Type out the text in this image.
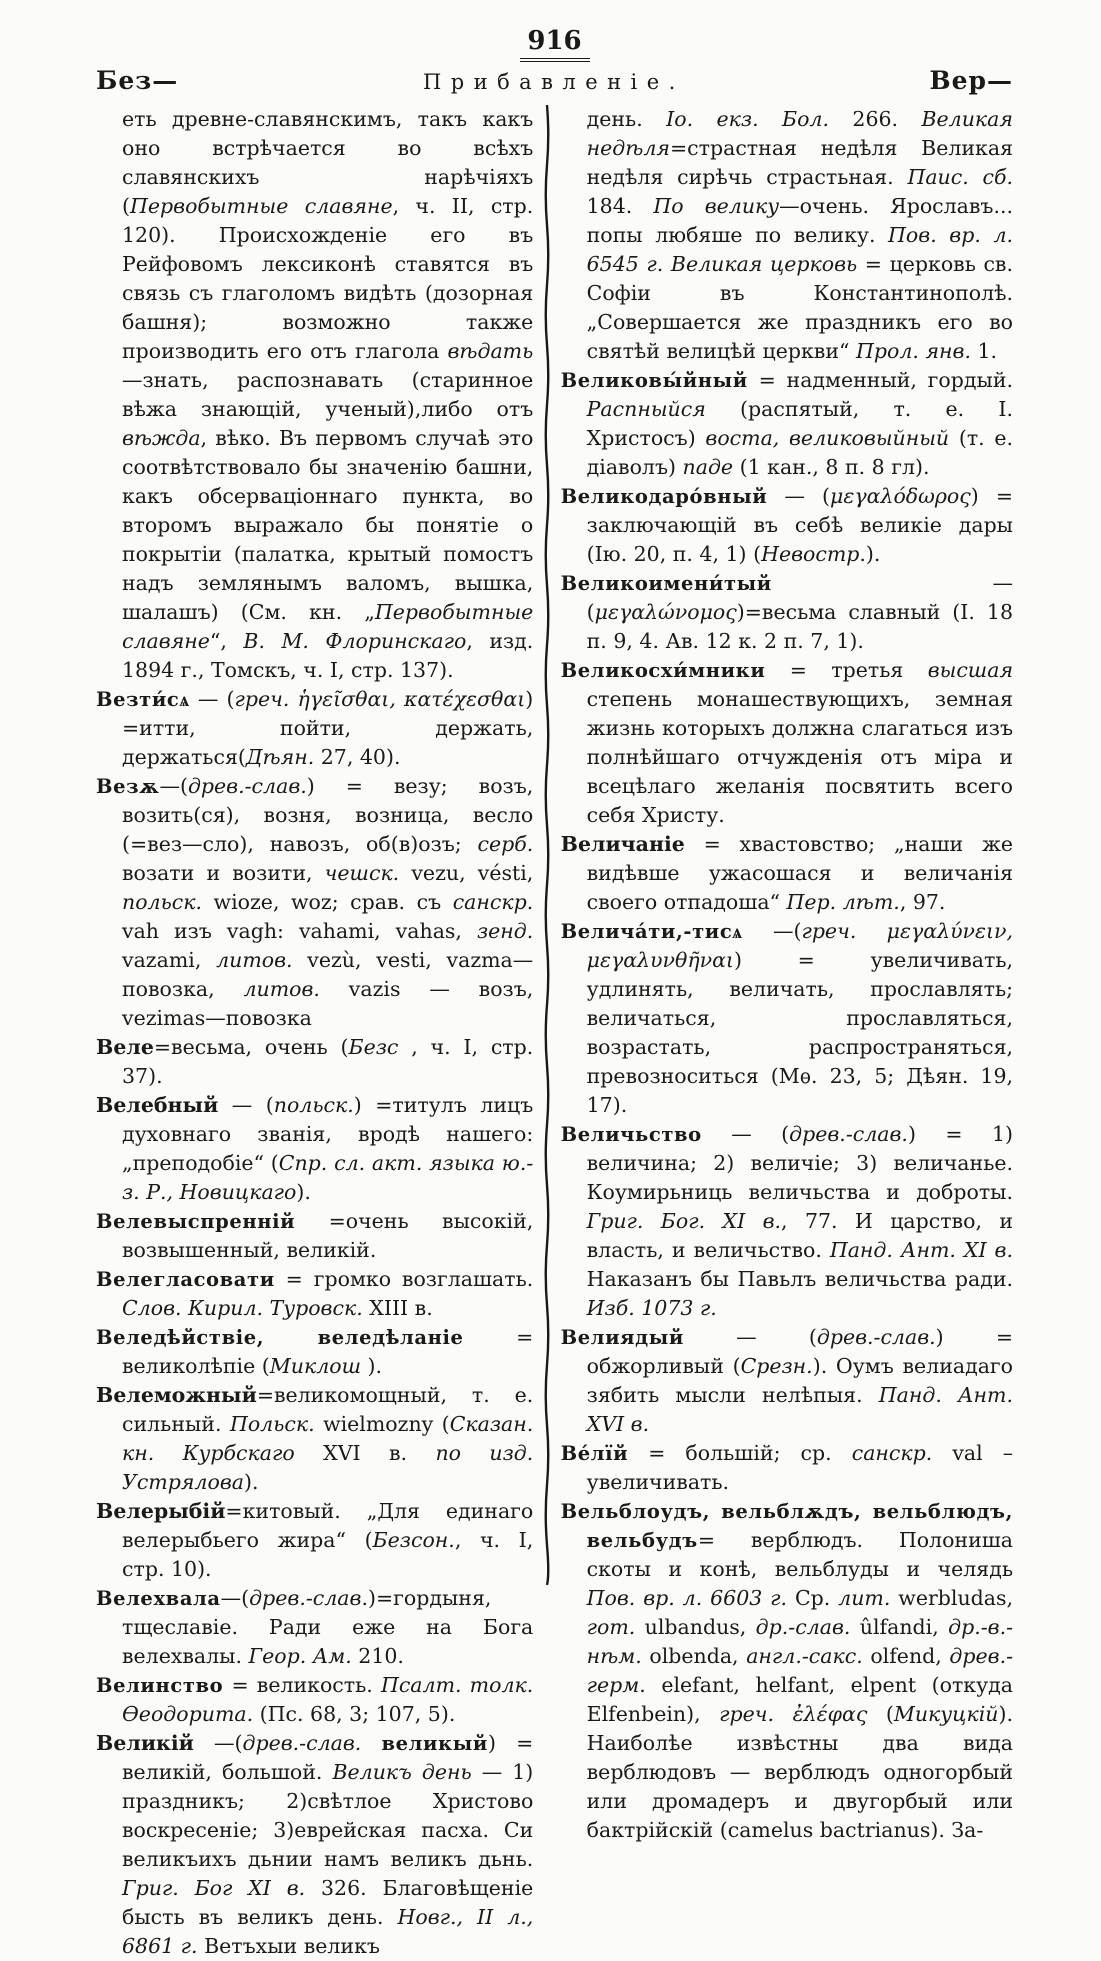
916
Без—	Прибавленіе.	Вер—

еть древне-славянскимъ, такъ какъ оно встрѣчается во всѣхъ славянскихъ нарѣчіяхъ (Первобытные славяне, ч. II, стр. 120). Происхожденіе его въ Рейфовомъ лексиконѣ ставятся въ связь съ глаголомъ видѣть (дозорная башня); возможно также производить его отъ глагола вѣдать—знать, распознавать (старинное вѣжа знающій, ученый),либо отъ вѣжда, вѣко. Въ первомъ случаѣ это соотвѣтствовало бы значенію башни, какъ обсерваціоннаго пункта, во второмъ выражало бы понятіе о покрытіи (палатка, крытый помостъ надъ землянымъ валомъ, вышка, шалашъ) (См. кн. „Первобытные славяне“, В. М. Флоринскаго, изд. 1894 г., Томскъ, ч. I, стр. 137).

Везти́сѧ — (греч. ἡγεῖσθαι, κατέχεσθαι) =итти, пойти, держать, держаться(Дѣян. 27, 40).

Везѫ—(древ.-слав.) = везу; возъ, возить(ся), возня, возница, весло (=вез—сло), навозъ, об(в)озъ; серб. возати и возити, чешск. vezu, vésti, польск. wioze, woz; срав. съ санскр. vah изъ vagh: vahami, vahas, зенд. vazami, литов. vezù, vesti, vazma—повозка, литов. vazis — возъ, vezimas—повозка

Веле=весьма, очень (Безс , ч. I, стр. 37).

Велебный — (польск.) =титулъ лицъ духовнаго званія, вродѣ нашего: „преподобіе“ (Спр. сл. акт. языка ю.-з. Р., Новицкаго).

Велевыспренній =очень высокій, возвышенный, великій.

Велегласовати = громко возглашать. Слов. Кирил. Туровск. XIII в.

Веледѣйствіе, веледѣланіе = великолѣпіе (Миклош ).

Велеможный=великомощный, т. е. сильный. Польск. wielmozny (Сказан. кн. Курбскаго XVI в. по изд. Устрялова).

Велерыбій=китовый. „Для единаго велерыбьего жира“ (Безсон., ч. I, стр. 10).

Велехвала—(древ.-слав.)=гордыня, тщеславіе. Ради еже на Бога велехвалы. Геор. Ам. 210.

Велинство = великость. Псалт. толк. Ѳеодорита. (Пс. 68, 3; 107, 5).

Великій —(древ.-слав. великый) = великій, большой. Великъ день — 1) праздникъ; 2)свѣтлое Христово воскресеніе; 3)еврейская пасха. Си великъихъ дьнии намъ великъ дьнь. Григ. Бог XI в. 326. Благовѣщеніе бысть въ великъ день. Новг., II л., 6861 г. Ветъхыи великъ

день. Іо. екз. Бол. 266. Великая недѣля=страстная недѣля Великая недѣля сирѣчь страстьная. Паис. сб. 184. По велику—очень. Ярославъ... попы любяше по велику. Пов. вр. л. 6545 г. Великая церковь = церковь св. Софіи въ Константинополѣ. „Совершается же праздникъ его во святѣй велицѣй церкви“ Прол. янв. 1.

Великовы́йный = надменный, гордый. Распныйся (распятый, т. е. І. Христосъ) воста, великовыйный (т. е. діаволъ) паде (1 кан., 8 п. 8 гл).

Великодаро́вный — (μεγαλόδωρος) = заключающій въ себѣ великіе дары (Ію. 20, п. 4, 1) (Невостр.).

Великоимени́тый —(μεγαλώνομος)=весьма славный (І. 18 п. 9, 4. Ав. 12 к. 2 п. 7, 1).

Великосхи́мники = третья высшая степень монашествующихъ, земная жизнь которыхъ должна слагаться изъ полнѣйшаго отчужденія отъ міра и всецѣлаго желанія посвятить всего себя Христу.

Величаніе = хвастовство; „наши же видѣвше ужасошася и величанія своего отпадоша“ Пер. лѣт., 97.

Велича́ти,-тисѧ —(греч. μεγαλύνειν, μεγαλυνθῆναι) = увеличивать, удлинять, величать, прославлять; величаться, прославляться, возрастать, распространяться, превозноситься (Мѳ. 23, 5; Дѣян. 19, 17).

Величьство — (древ.-слав.) = 1) величина; 2) величіе; 3) величанье. Коумирьниць величьства и доброты. Григ. Бог. XI в., 77. И царство, и власть, и величьство. Панд. Ант. XI в. Наказанъ бы Павьлъ величьства ради. Изб. 1073 г.

Велиядый — (древ.-слав.) = обжорливый (Срезн.). Оумъ велиадаго зябить мысли нелѣпыя. Панд. Ант. XVI в.

Ве́лїй = большій; ср. санскр. val – увеличивать.

Вельблоудъ, вельблѫдъ, вельблюдъ, вельбудъ= верблюдъ. Полониша скоты и конѣ, вельблуды и челядь Пов. вр. л. 6603 г. Ср. лит. werbludas, гот. ulbandus, др.-слав. ûlfandi, др.-в.-нѣм. olbenda, англ.-сакс. olfend, древ.-герм. elefant, helfant, elpent (откуда Elfenbein), греч. ἐλέφας (Микуцкій). Наиболѣе извѣстны два вида верблюдовъ — верблюдъ одногорбый или дромадеръ и двугорбый или бактрійскій (camelus bactrianus). За-
